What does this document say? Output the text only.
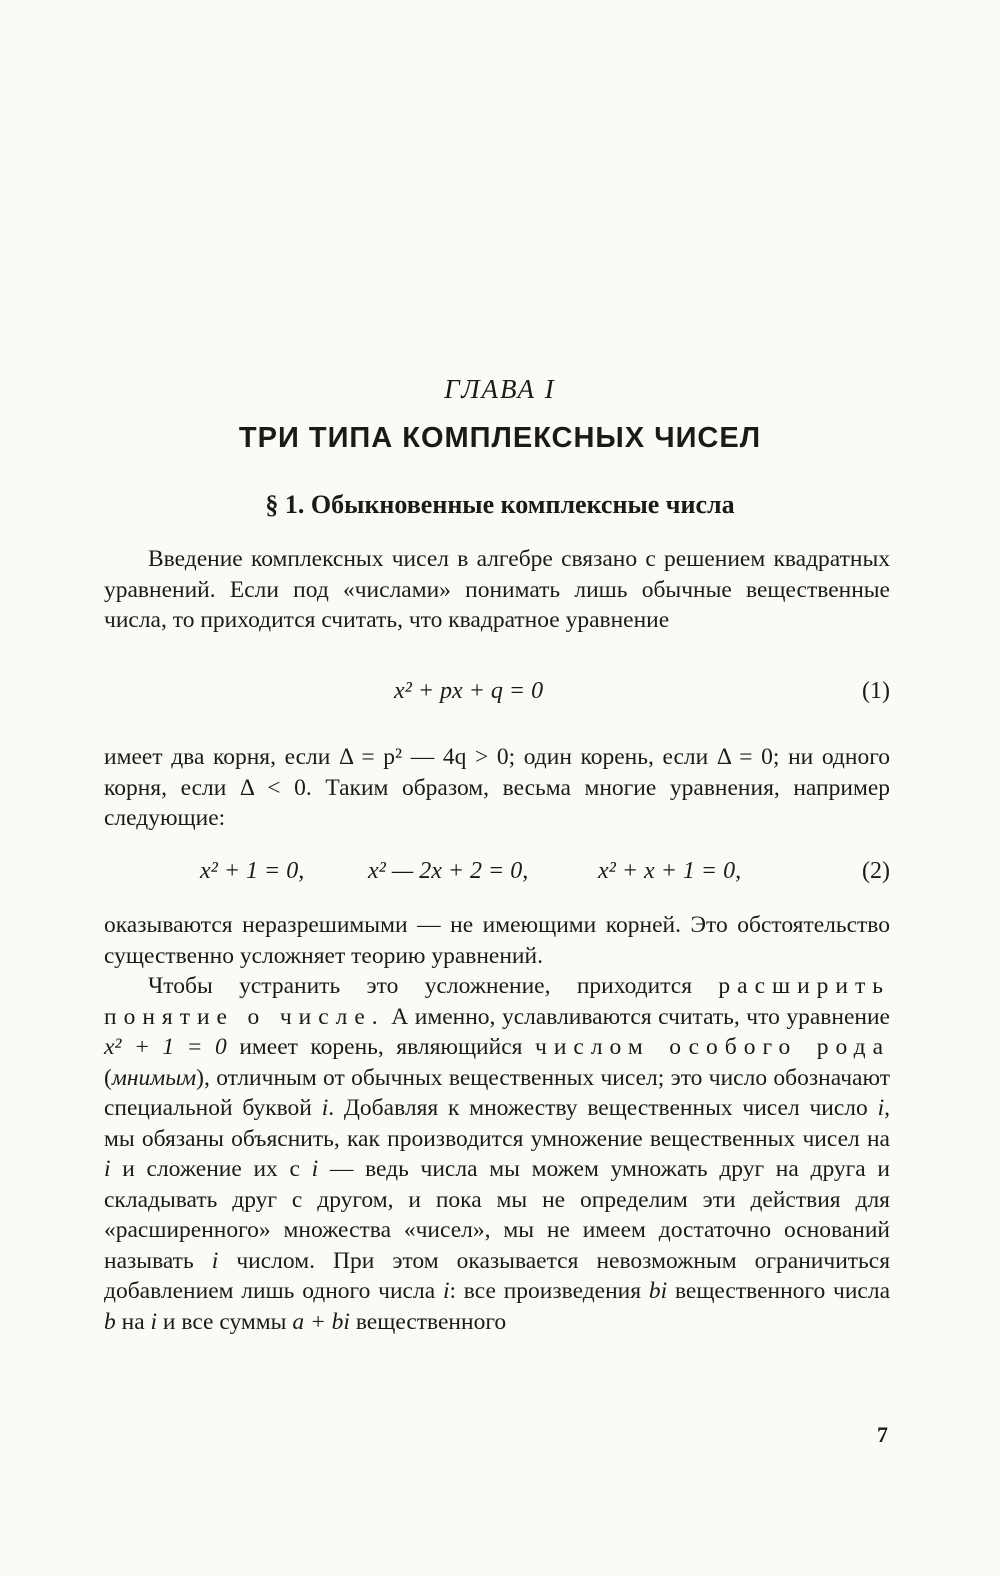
ГЛАВА I
ТРИ ТИПА КОМПЛЕКСНЫХ ЧИСЕЛ
§ 1. Обыкновенные комплексные числа
Введение комплексных чисел в алгебре связано с решением квадратных уравнений. Если под «числами» понимать лишь обычные вещественные числа, то приходится считать, что квадратное уравнение
x² + px + q = 0	(1)
имеет два корня, если Δ = p² — 4q > 0; один корень, если Δ = 0; ни одного корня, если Δ < 0. Таким образом, весьма многие уравнения, например следующие:
x² + 1 = 0,	x² — 2x + 2 = 0,	x² + x + 1 = 0,	(2)
оказываются неразрешимыми — не имеющими корней. Это обстоятельство существенно усложняет теорию уравнений.
Чтобы устранить это усложнение, приходится расширить понятие о числе. А именно, уславливаются считать, что уравнение x² + 1 = 0 имеет корень, являющийся числом особого рода (мнимым), отличным от обычных вещественных чисел; это число обозначают специальной буквой i. Добавляя к множеству вещественных чисел число i, мы обязаны объяснить, как производится умножение вещественных чисел на i и сложение их с i — ведь числа мы можем умножать друг на друга и складывать друг с другом, и пока мы не определим эти действия для «расширенного» множества «чисел», мы не имеем достаточно оснований называть i числом. При этом оказывается невозможным ограничиться добавлением лишь одного числа i: все произведения bi вещественного числа b на i и все суммы a + bi вещественного
7
